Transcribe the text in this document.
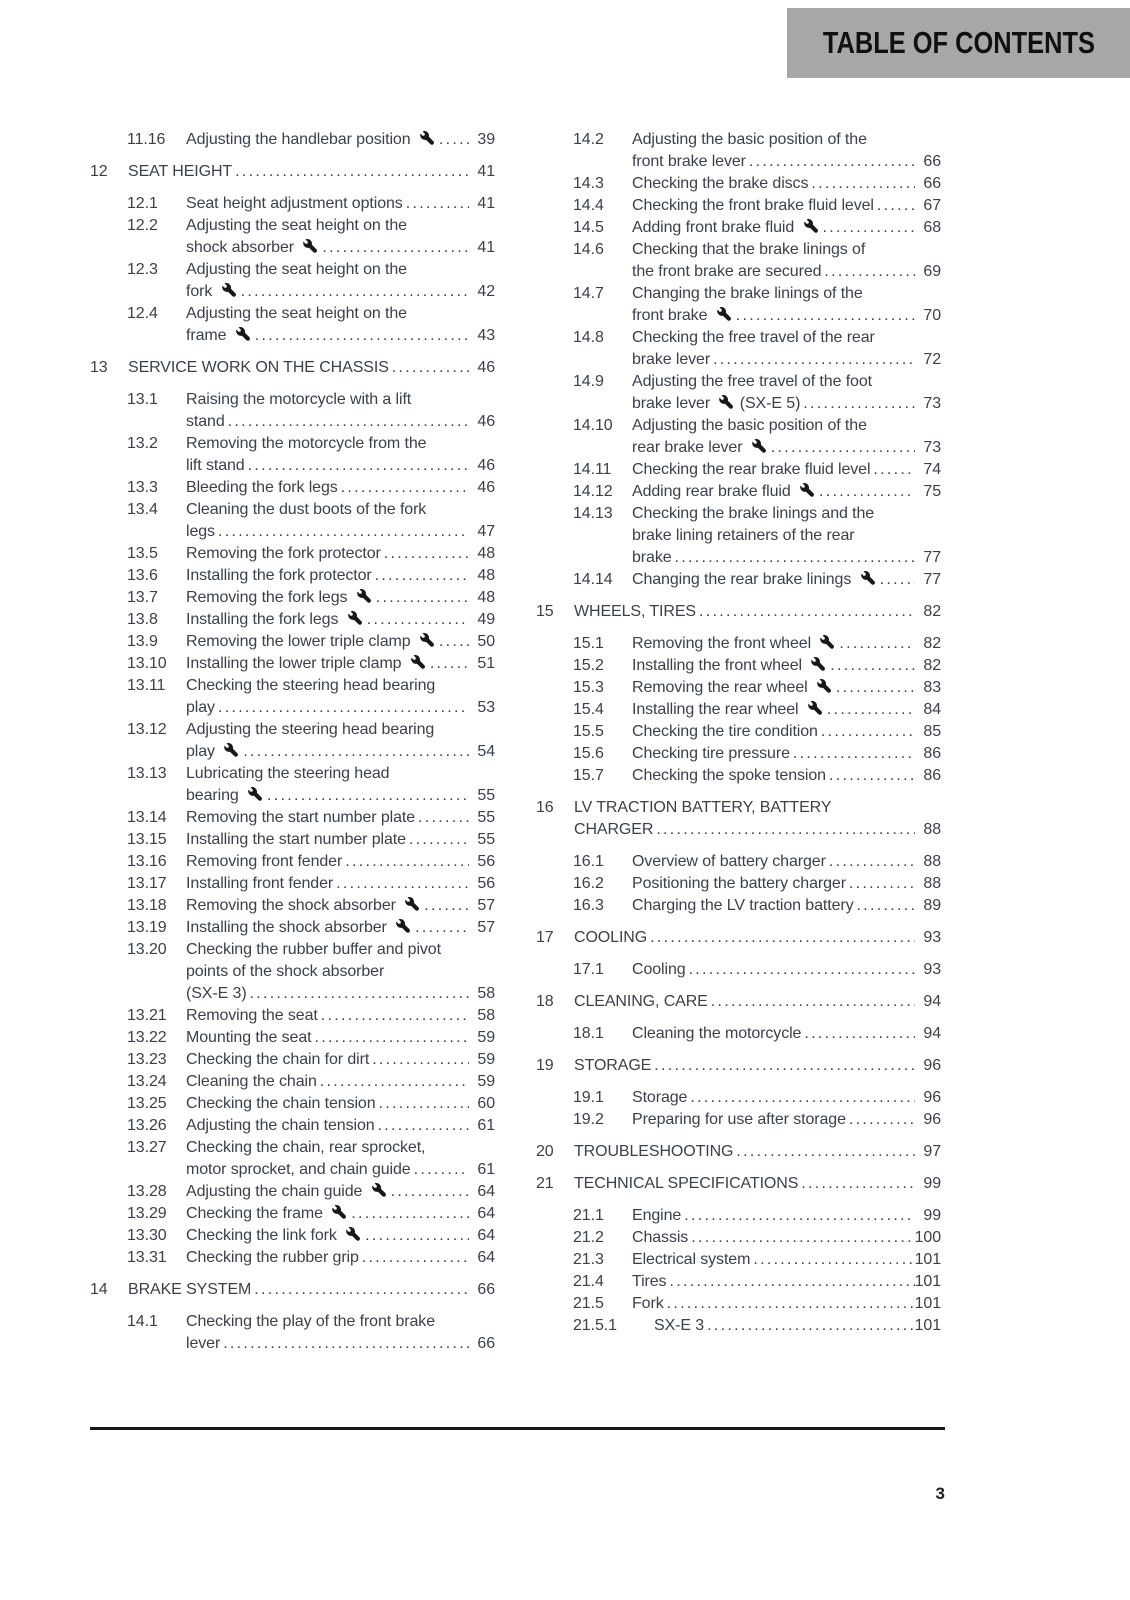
TABLE OF CONTENTS
11.16	Adjusting the handlebar position .....	39
12	SEAT HEIGHT .....	41
12.1	Seat height adjustment options .....	41
12.2	Adjusting the seat height on the
shock absorber .....	41
12.3	Adjusting the seat height on the
fork .....	42
12.4	Adjusting the seat height on the
frame .....	43
13	SERVICE WORK ON THE CHASSIS .....	46
13.1	Raising the motorcycle with a lift
stand .....	46
13.2	Removing the motorcycle from the
lift stand .....	46
13.3	Bleeding the fork legs .....	46
13.4	Cleaning the dust boots of the fork
legs .....	47
13.5	Removing the fork protector .....	48
13.6	Installing the fork protector .....	48
13.7	Removing the fork legs .....	48
13.8	Installing the fork legs .....	49
13.9	Removing the lower triple clamp .....	50
13.10	Installing the lower triple clamp .....	51
13.11	Checking the steering head bearing
play .....	53
13.12	Adjusting the steering head bearing
play .....	54
13.13	Lubricating the steering head
bearing .....	55
13.14	Removing the start number plate .....	55
13.15	Installing the start number plate .....	55
13.16	Removing front fender .....	56
13.17	Installing front fender .....	56
13.18	Removing the shock absorber .....	57
13.19	Installing the shock absorber .....	57
13.20	Checking the rubber buffer and pivot
points of the shock absorber
(SX-E 3) .....	58
13.21	Removing the seat .....	58
13.22	Mounting the seat .....	59
13.23	Checking the chain for dirt .....	59
13.24	Cleaning the chain .....	59
13.25	Checking the chain tension .....	60
13.26	Adjusting the chain tension .....	61
13.27	Checking the chain, rear sprocket,
motor sprocket, and chain guide .....	61
13.28	Adjusting the chain guide .....	64
13.29	Checking the frame .....	64
13.30	Checking the link fork .....	64
13.31	Checking the rubber grip .....	64
14	BRAKE SYSTEM .....	66
14.1	Checking the play of the front brake
lever .....	66
14.2	Adjusting the basic position of the
front brake lever .....	66
14.3	Checking the brake discs .....	66
14.4	Checking the front brake fluid level .....	67
14.5	Adding front brake fluid .....	68
14.6	Checking that the brake linings of
the front brake are secured .....	69
14.7	Changing the brake linings of the
front brake .....	70
14.8	Checking the free travel of the rear
brake lever .....	72
14.9	Adjusting the free travel of the foot
brake lever  (SX-E 5) .....	73
14.10	Adjusting the basic position of the
rear brake lever .....	73
14.11	Checking the rear brake fluid level .....	74
14.12	Adding rear brake fluid .....	75
14.13	Checking the brake linings and the
brake lining retainers of the rear
brake .....	77
14.14	Changing the rear brake linings .....	77
15	WHEELS, TIRES .....	82
15.1	Removing the front wheel .....	82
15.2	Installing the front wheel .....	82
15.3	Removing the rear wheel .....	83
15.4	Installing the rear wheel .....	84
15.5	Checking the tire condition .....	85
15.6	Checking tire pressure .....	86
15.7	Checking the spoke tension .....	86
16	LV TRACTION BATTERY, BATTERY
CHARGER .....	88
16.1	Overview of battery charger .....	88
16.2	Positioning the battery charger .....	88
16.3	Charging the LV traction battery .....	89
17	COOLING .....	93
17.1	Cooling .....	93
18	CLEANING, CARE .....	94
18.1	Cleaning the motorcycle .....	94
19	STORAGE .....	96
19.1	Storage .....	96
19.2	Preparing for use after storage .....	96
20	TROUBLESHOOTING .....	97
21	TECHNICAL SPECIFICATIONS .....	99
21.1	Engine .....	99
21.2	Chassis .....	100
21.3	Electrical system .....	101
21.4	Tires .....	101
21.5	Fork .....	101
21.5.1	SX-E 3 .....	101
3
